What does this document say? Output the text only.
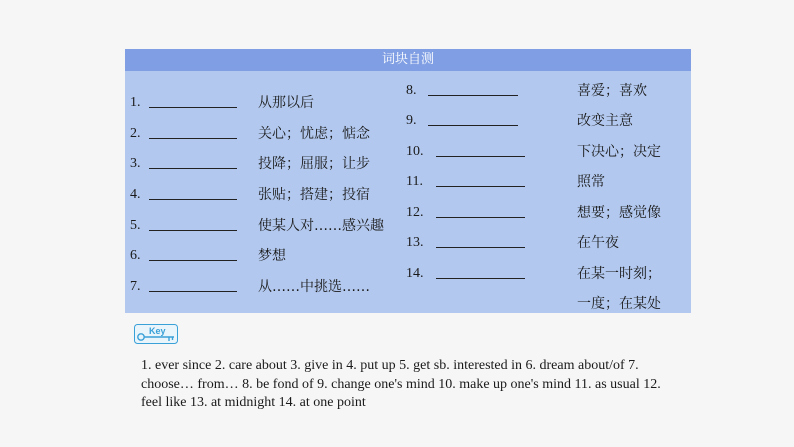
词块自测
1.	从那以后
2.	关心；忧虑；惦念
3.	投降；屈服；让步
4.	张贴；搭建；投宿
5.	使某人对……感兴趣
6.	梦想
7.	从……中挑选……
8.	喜爱；喜欢
9.	改变主意
10.	下决心；决定
11.	照常
12.	想要；感觉像
13.	在午夜
14.	在某一时刻；
一度；在某处
Key
1. ever since 2. care about 3. give in 4. put up 5. get sb. interested in 6. dream about/of 7. choose… from… 8. be fond of 9. change one's mind 10. make up one's mind 11. as usual 12. feel like 13. at midnight 14. at one point
